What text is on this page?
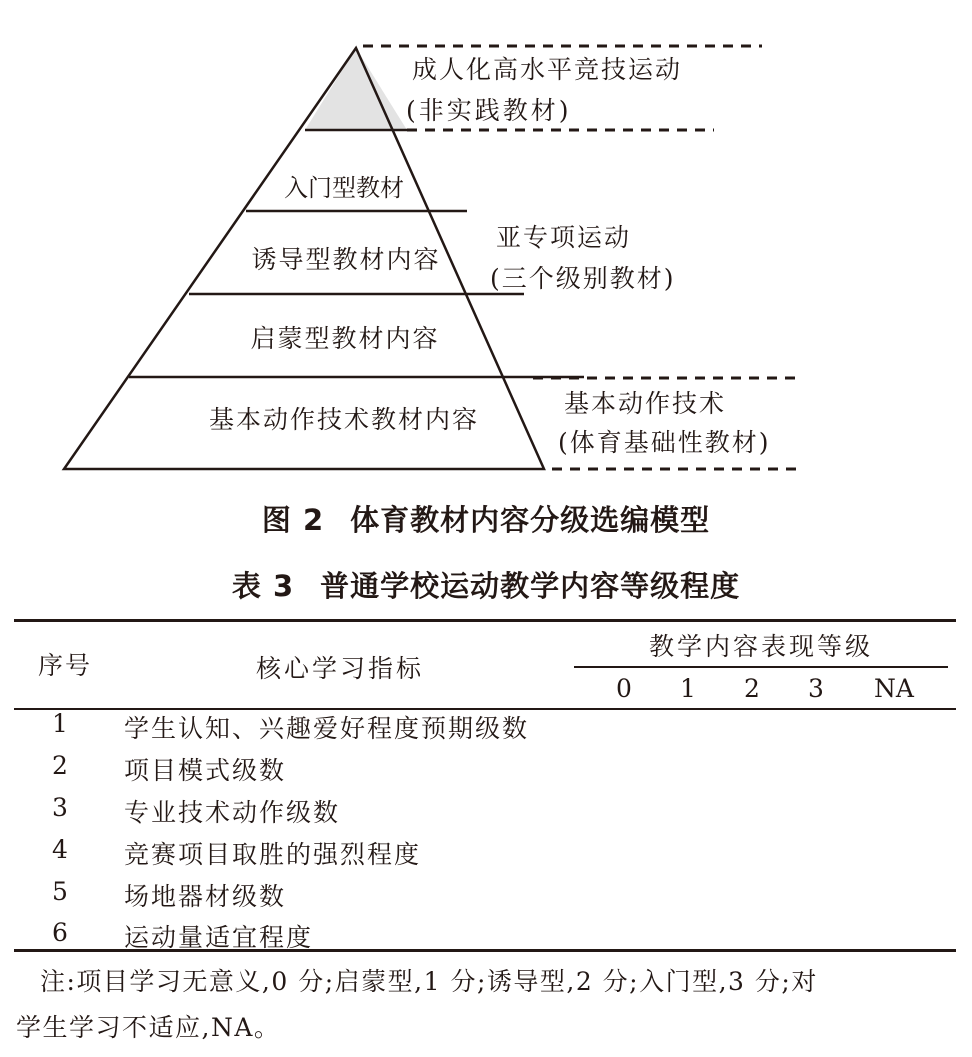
入门型教材
诱导型教材内容
启蒙型教材内容
基本动作技术教材内容
成人化高水平竞技运动
(非实践教材)
亚专项运动
(三个级别教材)
基本动作技术
(体育基础性教材)
图 2 体育教材内容分级选编模型
表 3 普通学校运动教学内容等级程度
序号	核心学习指标
教学内容表现等级
0	1	2	3	NA
1	学生认知、兴趣爱好程度预期级数
2	项目模式级数
3	专业技术动作级数
4	竞赛项目取胜的强烈程度
5	场地器材级数
6	运动量适宜程度
注:项目学习无意义,0 分;启蒙型,1 分;诱导型,2 分;入门型,3 分;对
学生学习不适应,NA。
